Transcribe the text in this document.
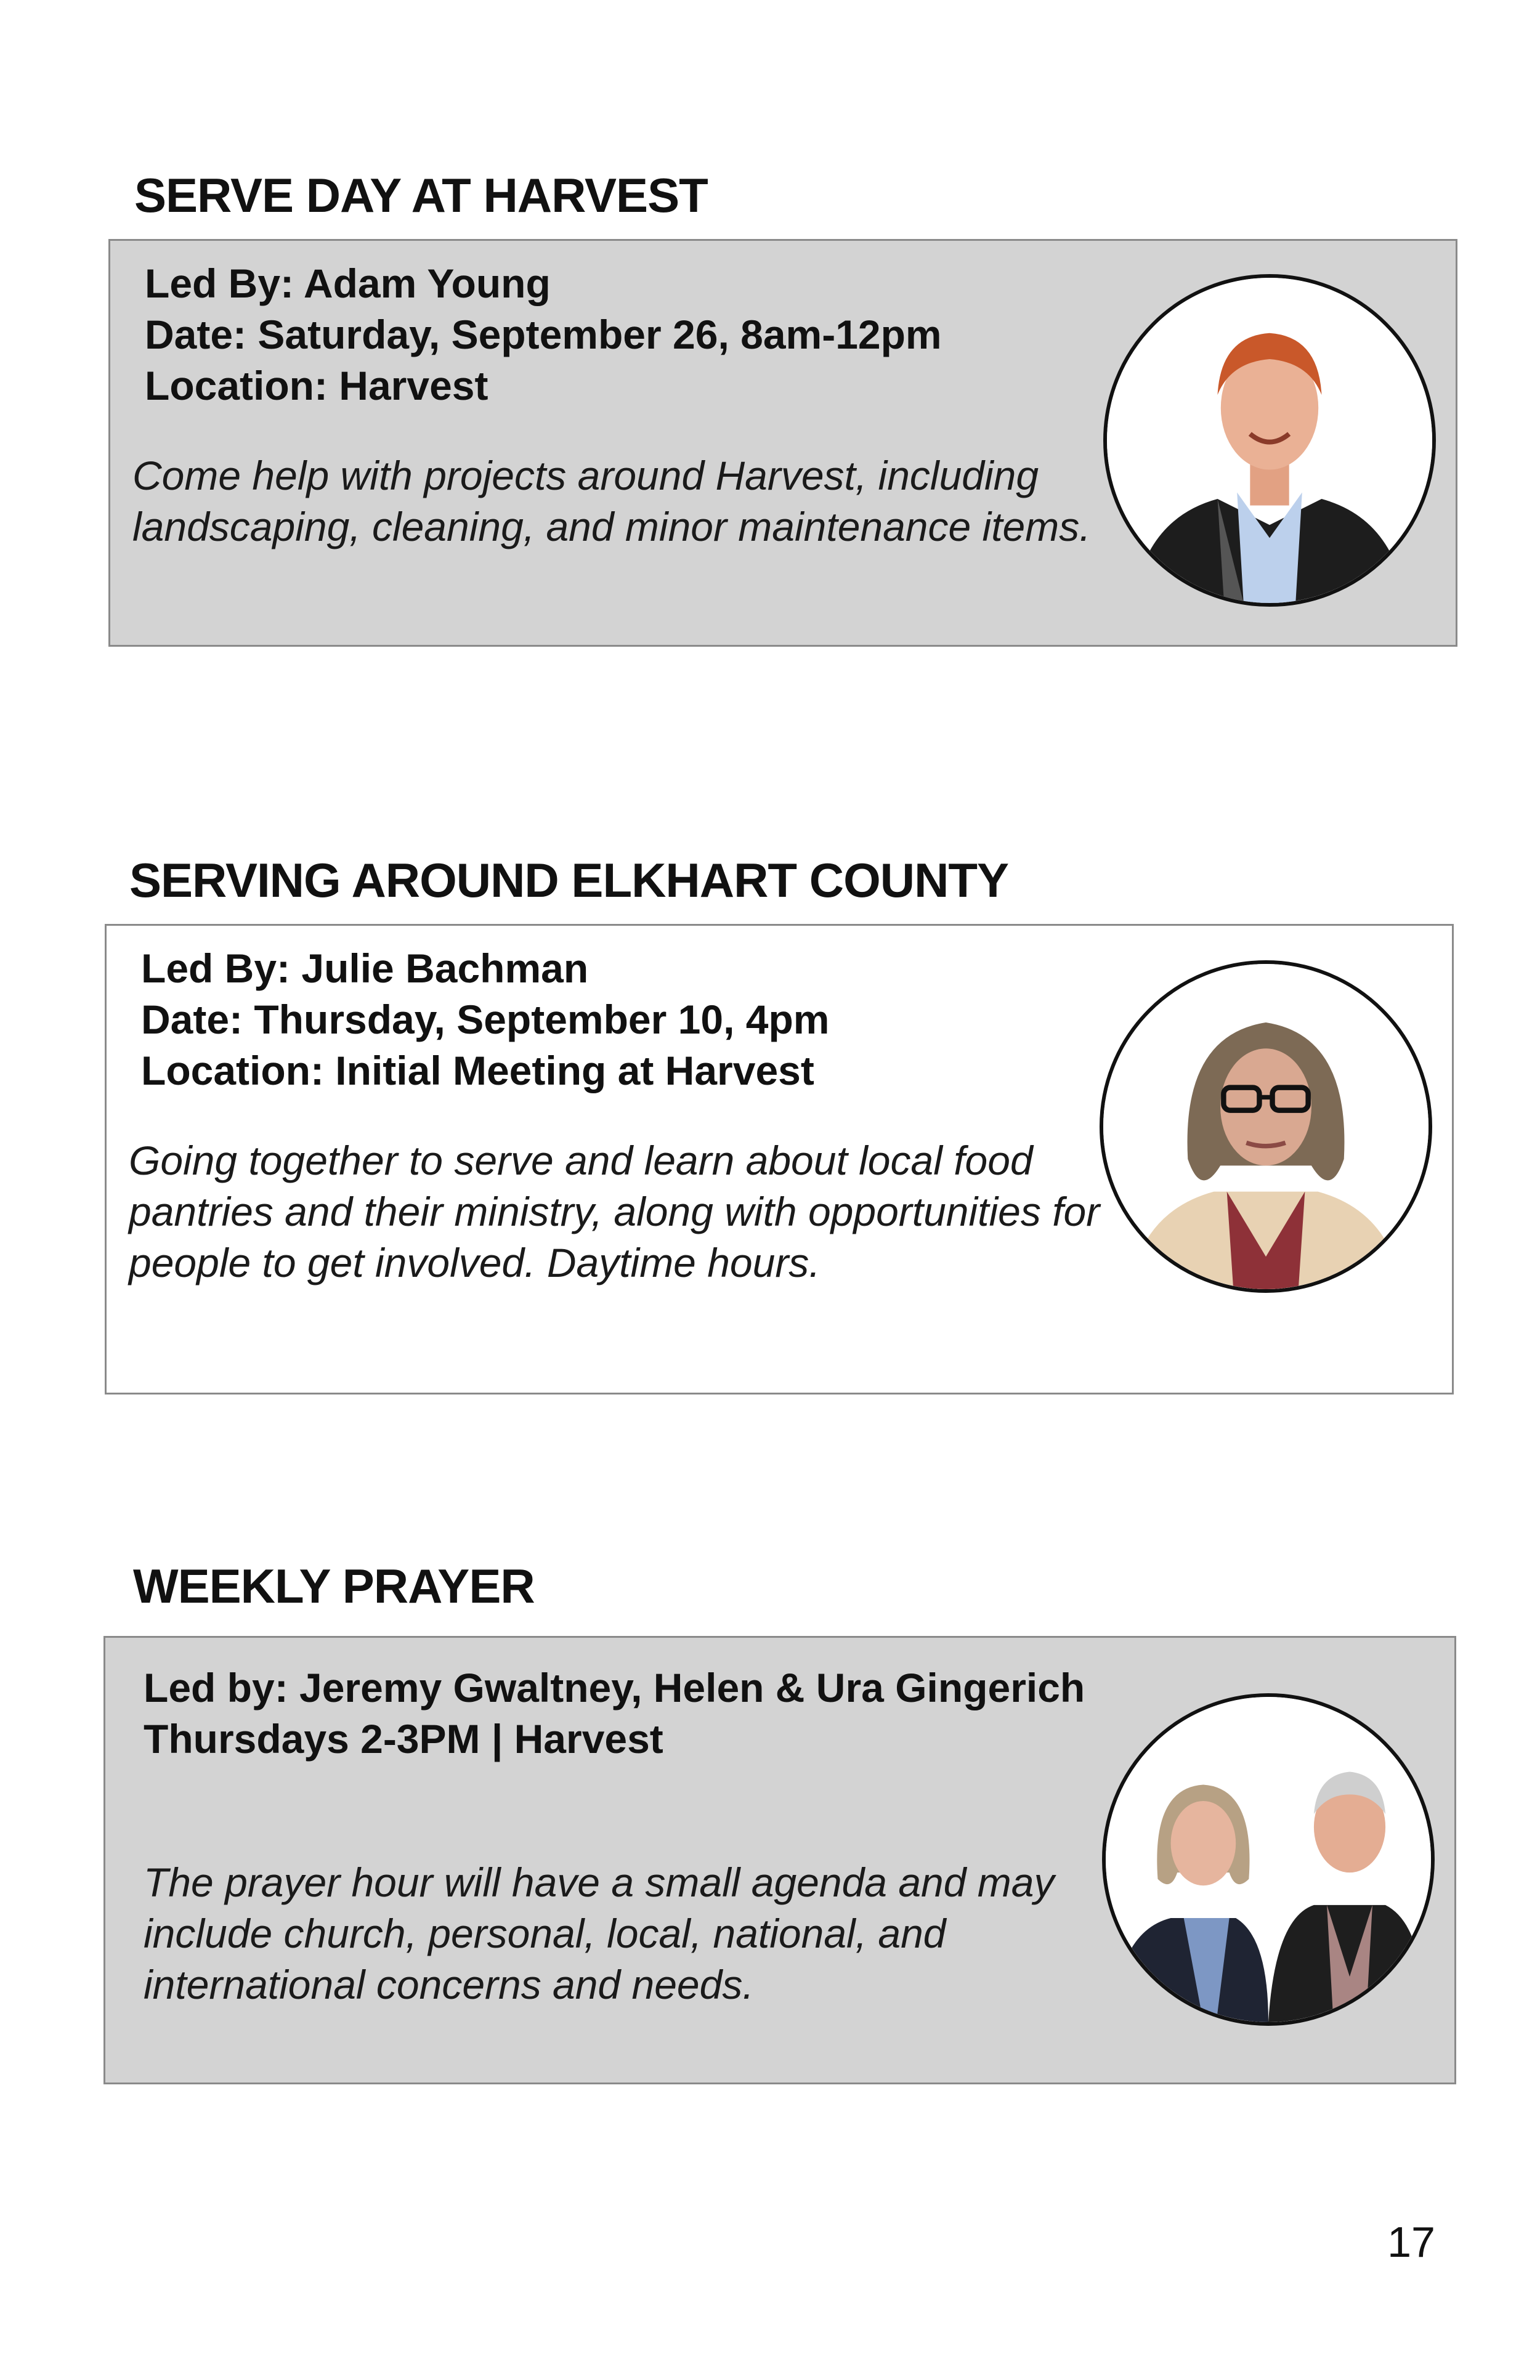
SERVE DAY AT HARVEST
Led By: Adam Young
Date: Saturday, September 26, 8am-12pm
Location: Harvest

Come help with projects around Harvest, including landscaping, cleaning, and minor maintenance items.

SERVING AROUND ELKHART COUNTY
Led By: Julie Bachman
Date: Thursday, September 10, 4pm
Location: Initial Meeting at Harvest

Going together to serve and learn about local food pantries and their ministry, along with opportunities for people to get involved. Daytime hours.

WEEKLY PRAYER
Led by: Jeremy Gwaltney, Helen & Ura Gingerich
Thursdays 2-3PM | Harvest

The prayer hour will have a small agenda and may include church, personal, local, national, and international concerns and needs.

17
